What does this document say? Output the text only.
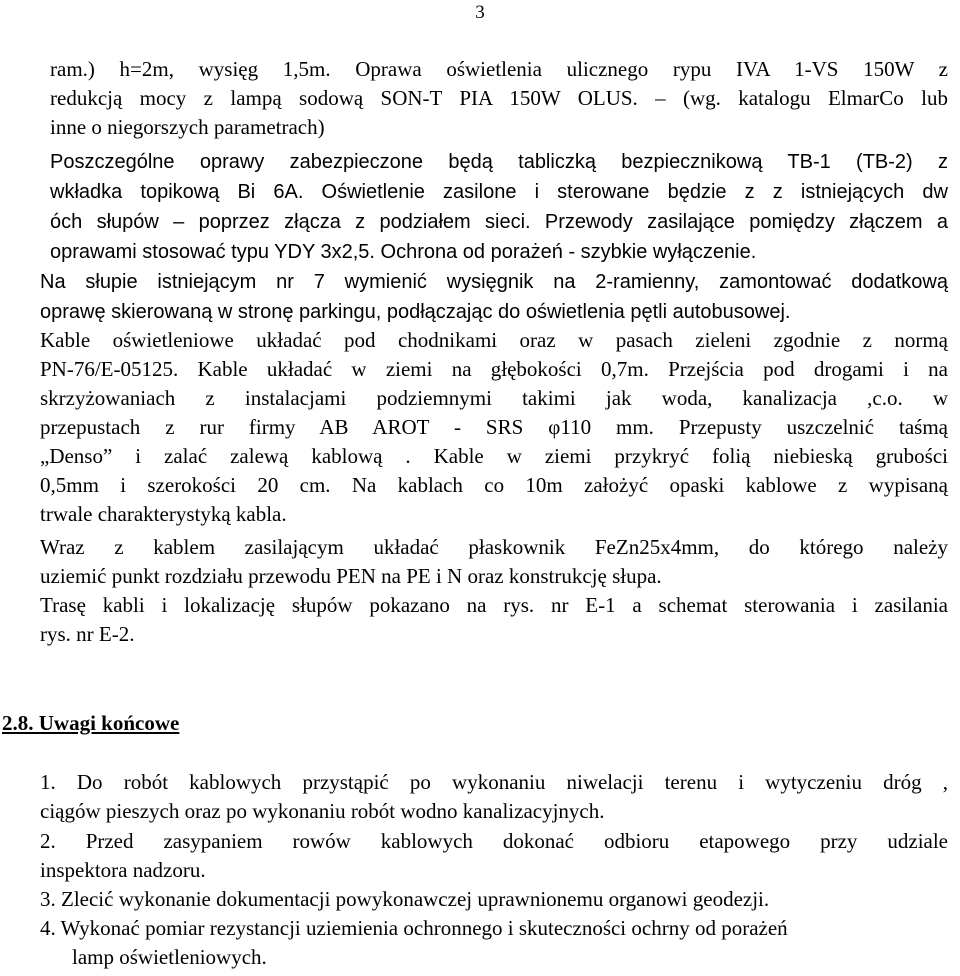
3
ram.) h=2m, wysięg 1,5m. Oprawa oświetlenia ulicznego rypu IVA 1-VS 150W z
redukcją mocy z lampą sodową SON-T PIA 150W OLUS. – (wg. katalogu ElmarCo lub
inne o niegorszych parametrach)
Poszczególne oprawy zabezpieczone będą tabliczką bezpiecznikową TB-1 (TB-2) z
wkładka topikową Bi 6A. Oświetlenie zasilone i sterowane będzie z z istniejących dw
óch słupów – poprzez złącza z podziałem sieci. Przewody zasilające pomiędzy złączem a
oprawami stosować typu YDY 3x2,5. Ochrona od porażeń - szybkie wyłączenie.
Na słupie istniejącym nr 7 wymienić wysięgnik na 2-ramienny, zamontować dodatkową
oprawę skierowaną w stronę parkingu, podłączając do oświetlenia pętli autobusowej.
Kable oświetleniowe układać pod chodnikami oraz w pasach zieleni zgodnie z normą
PN-76/E-05125. Kable układać w ziemi na głębokości 0,7m. Przejścia pod drogami i na
skrzyżowaniach z instalacjami podziemnymi takimi jak woda, kanalizacja ,c.o. w
przepustach z rur firmy AB AROT - SRS φ110 mm. Przepusty uszczelnić taśmą
„Denso” i zalać zalewą kablową . Kable w ziemi przykryć folią niebieską grubości
0,5mm i szerokości 20 cm. Na kablach co 10m założyć opaski kablowe z wypisaną
trwale charakterystyką kabla.
Wraz z kablem zasilającym układać płaskownik FeZn25x4mm, do którego należy
uziemić punkt rozdziału przewodu PEN na PE i N oraz konstrukcję słupa.
Trasę kabli i lokalizację słupów pokazano na rys. nr E-1 a schemat sterowania i zasilania
rys. nr E-2.
2.8. Uwagi końcowe
1. Do robót kablowych przystąpić po wykonaniu niwelacji terenu i wytyczeniu dróg ,
ciągów pieszych oraz po wykonaniu robót wodno kanalizacyjnych.
2. Przed zasypaniem rowów kablowych dokonać odbioru etapowego przy udziale
inspektora nadzoru.
3. Zlecić wykonanie dokumentacji powykonawczej uprawnionemu organowi geodezji.
4. Wykonać pomiar rezystancji uziemienia ochronnego i skuteczności ochrny od porażeń
lamp oświetleniowych.
